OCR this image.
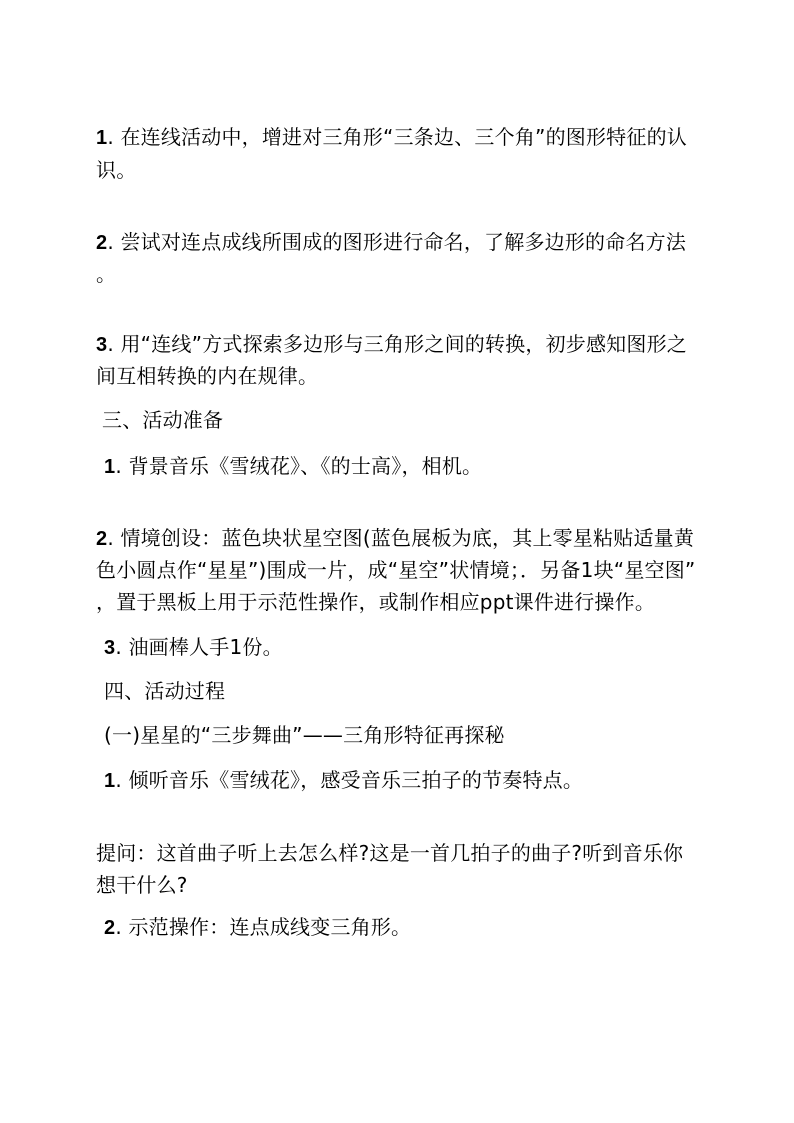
1. 在连线活动中，增进对三角形“三条边、三个角”的图形特征的认
识。
2. 尝试对连点成线所围成的图形进行命名，了解多边形的命名方法
。
3. 用“连线”方式探索多边形与三角形之间的转换，初步感知图形之
间互相转换的内在规律。
三、活动准备
1. 背景音乐《雪绒花》、《的士高》，相机。
2. 情境创设：蓝色块状星空图(蓝色展板为底，其上零星粘贴适量黄
色小圆点作“星星”)围成一片，成“星空”状情境；．另备1块“星空图”
，置于黑板上用于示范性操作，或制作相应ppt课件进行操作。
3. 油画棒人手1份。
四、活动过程
(一)星星的“三步舞曲”——三角形特征再探秘
1. 倾听音乐《雪绒花》，感受音乐三拍子的节奏特点。
提问：这首曲子听上去怎么样?这是一首几拍子的曲子?听到音乐你
想干什么?
2. 示范操作：连点成线变三角形。
